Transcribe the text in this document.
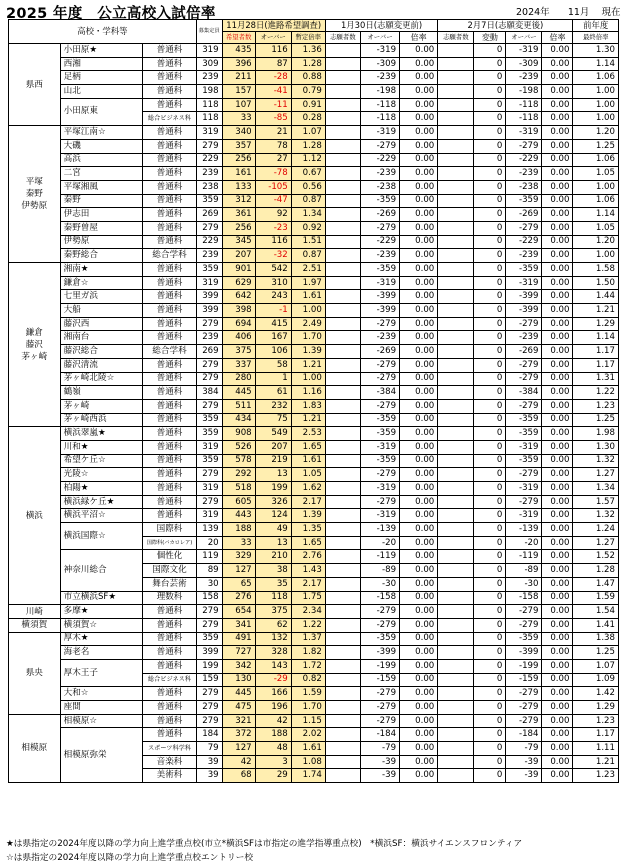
2025 年度　公立高校入試倍率	2024年 11月 現在
高校・学科等			募集定員	11月28日(進路希望調査)			1月30日(志願変更前)			2月7日(志願変更後)				前年度
				希望者数	オーバー	暫定倍率	志願者数	オーバー	倍率	志願者数	変動	オーバー	倍率	最終倍率
県西	小田原★	普通科	319	435	116	1.36		-319	0.00		0	-319	0.00	1.30
	西湘	普通科	309	396	87	1.28		-309	0.00		0	-309	0.00	1.14
	足柄	普通科	239	211	-28	0.88		-239	0.00		0	-239	0.00	1.06
	山北	普通科	198	157	-41	0.79		-198	0.00		0	-198	0.00	1.00
	小田原東	普通科	118	107	-11	0.91		-118	0.00		0	-118	0.00	1.00
		総合ビジネス科	118	33	-85	0.28		-118	0.00		0	-118	0.00	1.00
平塚
秦野
伊勢原	平塚江南☆	普通科	319	340	21	1.07		-319	0.00		0	-319	0.00	1.20
	大磯	普通科	279	357	78	1.28		-279	0.00		0	-279	0.00	1.25
	高浜	普通科	229	256	27	1.12		-229	0.00		0	-229	0.00	1.06
	二宮	普通科	239	161	-78	0.67		-239	0.00		0	-239	0.00	1.05
	平塚湘風	普通科	238	133	-105	0.56		-238	0.00		0	-238	0.00	1.00
	秦野	普通科	359	312	-47	0.87		-359	0.00		0	-359	0.00	1.06
	伊志田	普通科	269	361	92	1.34		-269	0.00		0	-269	0.00	1.14
	秦野曽屋	普通科	279	256	-23	0.92		-279	0.00		0	-279	0.00	1.05
	伊勢原	普通科	229	345	116	1.51		-229	0.00		0	-229	0.00	1.20
	秦野総合	総合学科	239	207	-32	0.87		-239	0.00		0	-239	0.00	1.00
鎌倉
藤沢
茅ヶ崎	湘南★	普通科	359	901	542	2.51		-359	0.00		0	-359	0.00	1.58
	鎌倉☆	普通科	319	629	310	1.97		-319	0.00		0	-319	0.00	1.50
	七里ガ浜	普通科	399	642	243	1.61		-399	0.00		0	-399	0.00	1.44
	大船	普通科	399	398	-1	1.00		-399	0.00		0	-399	0.00	1.21
	藤沢西	普通科	279	694	415	2.49		-279	0.00		0	-279	0.00	1.29
	湘南台	普通科	239	406	167	1.70		-239	0.00		0	-239	0.00	1.14
	藤沢総合	総合学科	269	375	106	1.39		-269	0.00		0	-269	0.00	1.17
	藤沢清流	普通科	279	337	58	1.21		-279	0.00		0	-279	0.00	1.17
	茅ヶ崎北陵☆	普通科	279	280	1	1.00		-279	0.00		0	-279	0.00	1.31
	鶴嶺	普通科	384	445	61	1.16		-384	0.00		0	-384	0.00	1.22
	茅ヶ崎	普通科	279	511	232	1.83		-279	0.00		0	-279	0.00	1.23
	茅ヶ崎西浜	普通科	359	434	75	1.21		-359	0.00		0	-359	0.00	1.25
横浜	横浜翠嵐★	普通科	359	908	549	2.53		-359	0.00		0	-359	0.00	1.98
	川和★	普通科	319	526	207	1.65		-319	0.00		0	-319	0.00	1.30
	希望ケ丘☆	普通科	359	578	219	1.61		-359	0.00		0	-359	0.00	1.32
	光陵☆	普通科	279	292	13	1.05		-279	0.00		0	-279	0.00	1.27
	柏陽★	普通科	319	518	199	1.62		-319	0.00		0	-319	0.00	1.34
	横浜緑ケ丘★	普通科	279	605	326	2.17		-279	0.00		0	-279	0.00	1.57
	横浜平沼☆	普通科	319	443	124	1.39		-319	0.00		0	-319	0.00	1.32
	横浜国際☆	国際科	139	188	49	1.35		-139	0.00		0	-139	0.00	1.24
		国際科(バカロレア)	20	33	13	1.65		-20	0.00		0	-20	0.00	1.27
	神奈川総合	個性化	119	329	210	2.76		-119	0.00		0	-119	0.00	1.52
		国際文化	89	127	38	1.43		-89	0.00		0	-89	0.00	1.28
		舞台芸術	30	65	35	2.17		-30	0.00		0	-30	0.00	1.47
	市立横浜SF★	理数科	158	276	118	1.75		-158	0.00		0	-158	0.00	1.59
川崎	多摩★	普通科	279	654	375	2.34		-279	0.00		0	-279	0.00	1.54
横須賀	横須賀☆	普通科	279	341	62	1.22		-279	0.00		0	-279	0.00	1.41
県央	厚木★	普通科	359	491	132	1.37		-359	0.00		0	-359	0.00	1.38
	海老名	普通科	399	727	328	1.82		-399	0.00		0	-399	0.00	1.25
	厚木王子	普通科	199	342	143	1.72		-199	0.00		0	-199	0.00	1.07
		総合ビジネス科	159	130	-29	0.82		-159	0.00		0	-159	0.00	1.09
	大和☆	普通科	279	445	166	1.59		-279	0.00		0	-279	0.00	1.42
	座間	普通科	279	475	196	1.70		-279	0.00		0	-279	0.00	1.29
相模原	相模原☆	普通科	279	321	42	1.15		-279	0.00		0	-279	0.00	1.23
	相模原弥栄	普通科	184	372	188	2.02		-184	0.00		0	-184	0.00	1.17
		スポーツ科学科	79	127	48	1.61		-79	0.00		0	-79	0.00	1.11
		音楽科	39	42	3	1.08		-39	0.00		0	-39	0.00	1.21
		美術科	39	68	29	1.74		-39	0.00		0	-39	0.00	1.23
★は県指定の2024年度以降の学力向上進学重点校(市立*横浜SFは市指定の進学指導重点校)　*横浜SF：横浜サイエンスフロンティア
☆は県指定の2024年度以降の学力向上進学重点校エントリー校
